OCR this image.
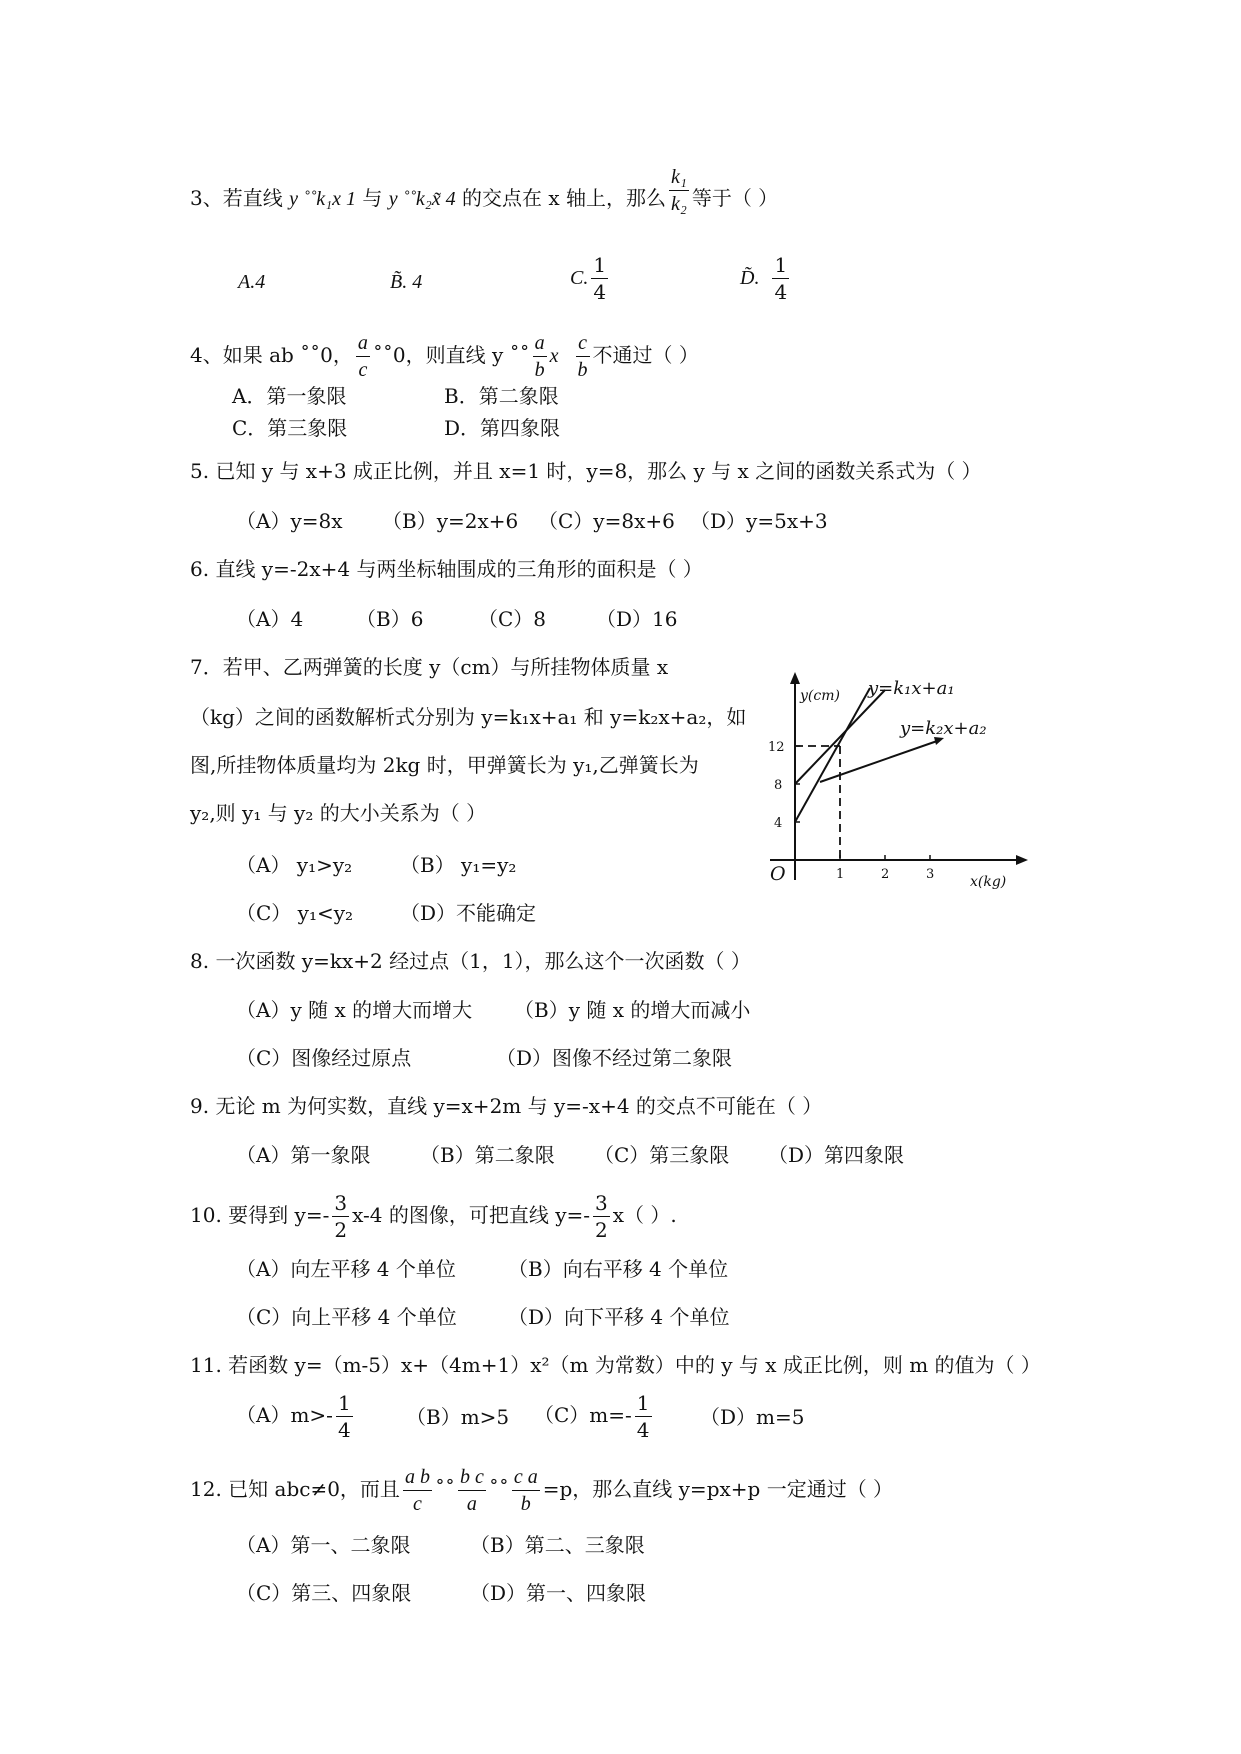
3、若直线 y ˚˚k₁x 1 与 y ˚˚k₂x̃ 4 的交点在 x 轴上，那么 $\frac{\text{k₁}}{\text{k₂}}$ 等于（ ）
A.4	B̃. 4	C. $\frac{1}{4}$	D̃. $\frac{1}{4}$
4、如果 ab ˚˚0， $\frac{a}{c}$ ˚˚0，则直线 y ˚˚ $\frac{a}{b}$ x $\frac{c}{b}$ 不通过（ ）
A．第一象限	B．第二象限
C．第三象限	D．第四象限
5. 已知 y 与 x+3 成正比例，并且 x=1 时，y=8，那么 y 与 x 之间的函数关系式为（ ）
（A）y=8x （B）y=2x+6 （C）y=8x+6 （D）y=5x+3
6. 直线 y=-2x+4 与两坐标轴围成的三角形的面积是（ ）
（A）4	（B）6	（C）8 （D）16
7．若甲、乙两弹簧的长度 y（cm）与所挂物体质量 x
（kg）之间的函数解析式分别为 y=k₁x+a₁ 和 y=k₂x+a₂，如
图,所挂物体质量均为 2kg 时，甲弹簧长为 y₁,乙弹簧长为
y₂,则 y₁ 与 y₂ 的大小关系为（ ）
（A） y₁>y₂ （B） y₁=y₂
（C） y₁<y₂ （D）不能确定
y(cm) y=k₁x+a₁
y=k₂x+a₂
4
8
12
1	2	3
O	x(kg)
8. 一次函数 y=kx+2 经过点（1，1），那么这个一次函数（ ）
（A）y 随 x 的增大而增大 （B）y 随 x 的增大而减小
（C）图像经过原点	（D）图像不经过第二象限
9. 无论 m 为何实数，直线 y=x+2m 与 y=-x+4 的交点不可能在（ ）
（A）第一象限 （B）第二象限 （C）第三象限 （D）第四象限
10. 要得到 $y=- \frac{3}{2} x-4$ 的图像，可把直线 $y=- \frac{3}{2} x$（ ）.
（A）向左平移 4 个单位	（B）向右平移 4 个单位
（C）向上平移 4 个单位	（D）向下平移 4 个单位
11. 若函数 y=（m-5）x+（4m+1）x²（m 为常数）中的 y 与 x 成正比例，则 m 的值为（ ）
$(A)m>- \frac{1}{4}$	（B）m>5 $(C)m=- \frac{1}{4} (D)m=5$
12. 已知 abc≠0，而且 $\frac{\text{a b}}{c}$ ˚˚ $\frac{\text{b c}}{a}$ ˚˚ $\frac{\text{c a}}{b} =p$，那么直线 y=px+p 一定通过（ ）
（A）第一、二象限	（B）第二、三象限
（C）第三、四象限	（D）第一、四象限
